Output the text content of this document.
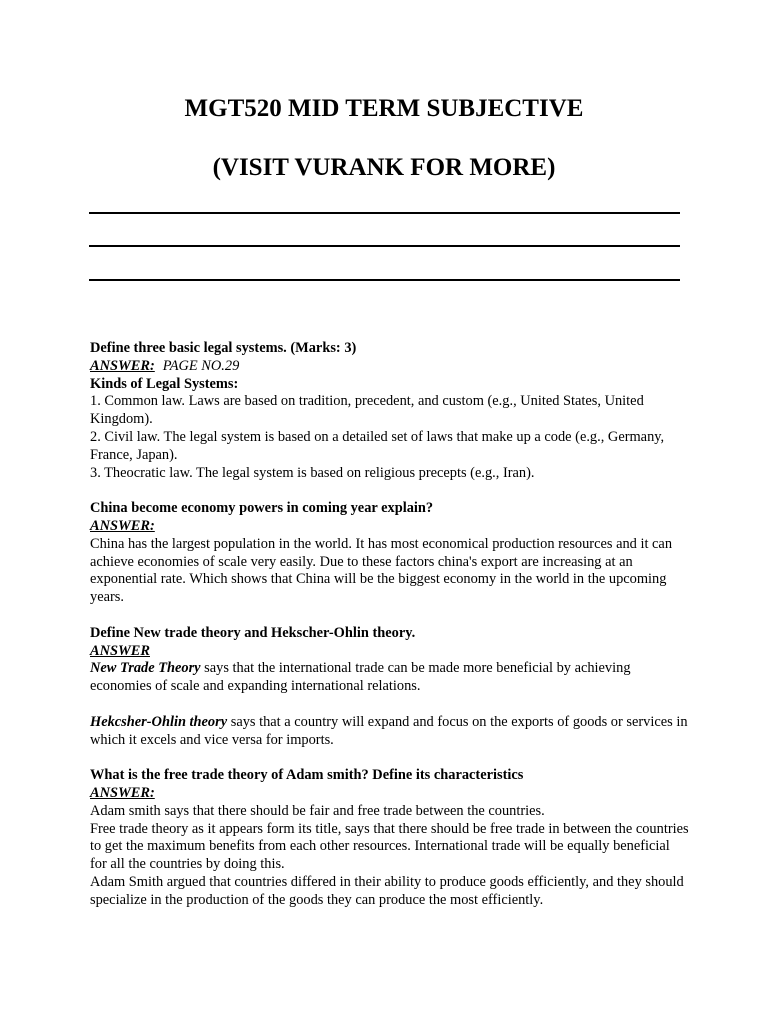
MGT520 MID TERM SUBJECTIVE
(VISIT VURANK FOR MORE)

Define three basic legal systems. (Marks: 3)

ANSWER: PAGE NO.29

Kinds of Legal Systems:

1. Common law. Laws are based on tradition, precedent, and custom (e.g., United States, United Kingdom).

2. Civil law. The legal system is based on a detailed set of laws that make up a code (e.g., Germany, France, Japan).

3. Theocratic law. The legal system is based on religious precepts (e.g., Iran).

China become economy powers in coming year explain?

ANSWER:

China has the largest population in the world. It has most economical production resources and it can achieve economies of scale very easily. Due to these factors china's export are increasing at an exponential rate. Which shows that China will be the biggest economy in the world in the upcoming years.

Define New trade theory and Hekscher-Ohlin theory.

ANSWER

New Trade Theory says that the international trade can be made more beneficial by achieving economies of scale and expanding international relations.

Hekcsher-Ohlin theory says that a country will expand and focus on the exports of goods or services in which it excels and vice versa for imports.

What is the free trade theory of Adam smith? Define its characteristics

ANSWER:

Adam smith says that there should be fair and free trade between the countries.

Free trade theory as it appears form its title, says that there should be free trade in between the countries to get the maximum benefits from each other resources. International trade will be equally beneficial for all the countries by doing this.

Adam Smith argued that countries differed in their ability to produce goods efficiently, and they should specialize in the production of the goods they can produce the most efficiently.
